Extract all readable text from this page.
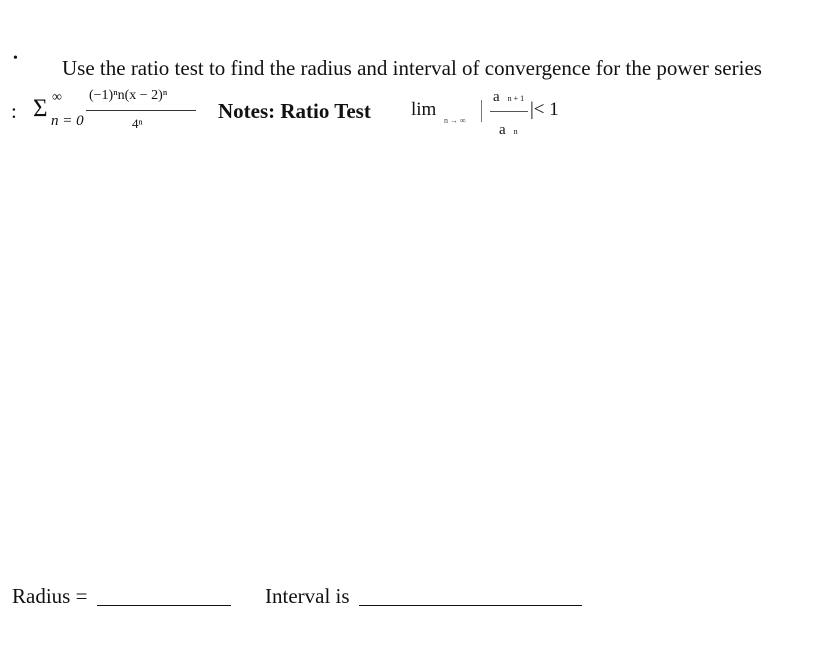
• Use the ratio test to find the radius and interval of convergence for the power series
: Σ ∞
n = 0
(−1)ⁿn(x − 2)ⁿ
4ⁿ
Notes: Ratio Test lim
n → ∞
a n + 1
a n
|< 1
Radius =	Interval is
